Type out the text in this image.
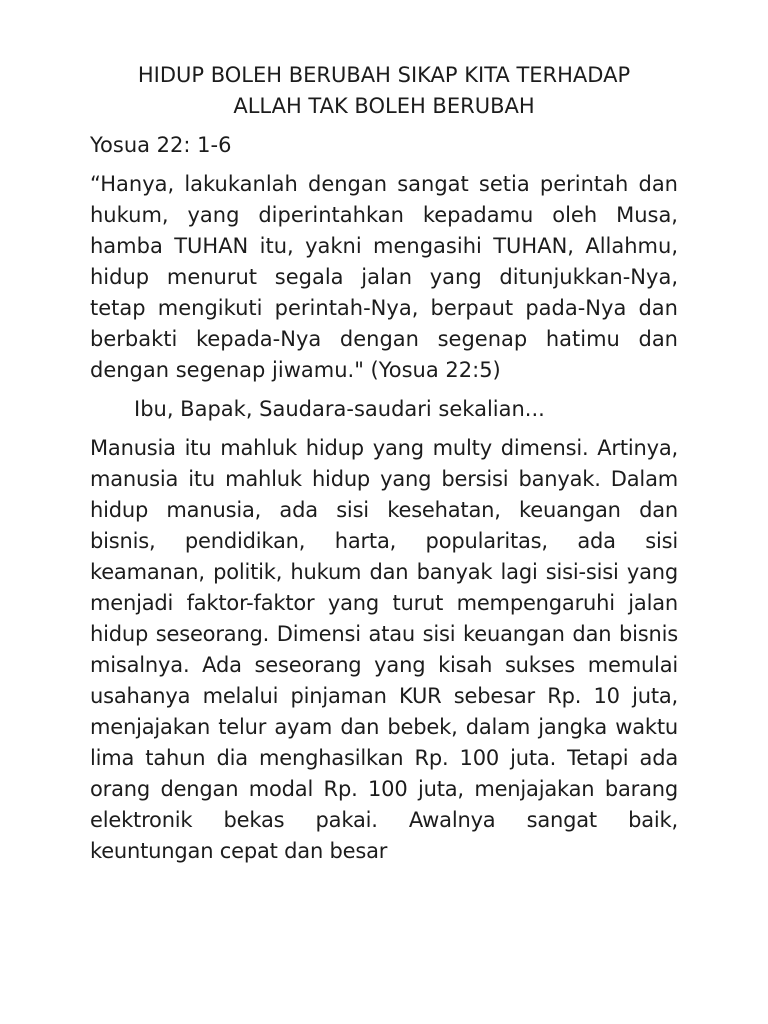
HIDUP BOLEH BERUBAH SIKAP KITA TERHADAP
ALLAH TAK BOLEH BERUBAH

Yosua 22: 1-6

“Hanya, lakukanlah dengan sangat setia perintah dan hukum, yang diperintahkan kepadamu oleh Musa, hamba TUHAN itu, yakni mengasihi TUHAN, Allahmu, hidup menurut segala jalan yang ditunjukkan-Nya, tetap mengikuti perintah-Nya, berpaut pada-Nya dan berbakti kepada-Nya dengan segenap hatimu dan dengan segenap jiwamu." (Yosua 22:5)

Ibu, Bapak, Saudara-saudari sekalian...

Manusia itu mahluk hidup yang multy dimensi. Artinya, manusia itu mahluk hidup yang bersisi banyak. Dalam hidup manusia, ada sisi kesehatan, keuangan dan bisnis, pendidikan, harta, popularitas, ada sisi keamanan, politik, hukum dan banyak lagi sisi-sisi yang menjadi faktor-faktor yang turut mempengaruhi jalan hidup seseorang. Dimensi atau sisi keuangan dan bisnis misalnya. Ada seseorang yang kisah sukses memulai usahanya melalui pinjaman KUR sebesar Rp. 10 juta, menjajakan telur ayam dan bebek, dalam jangka waktu lima tahun dia menghasilkan Rp. 100 juta. Tetapi ada orang dengan modal Rp. 100 juta, menjajakan barang elektronik bekas pakai. Awalnya sangat baik, keuntungan cepat dan besar
